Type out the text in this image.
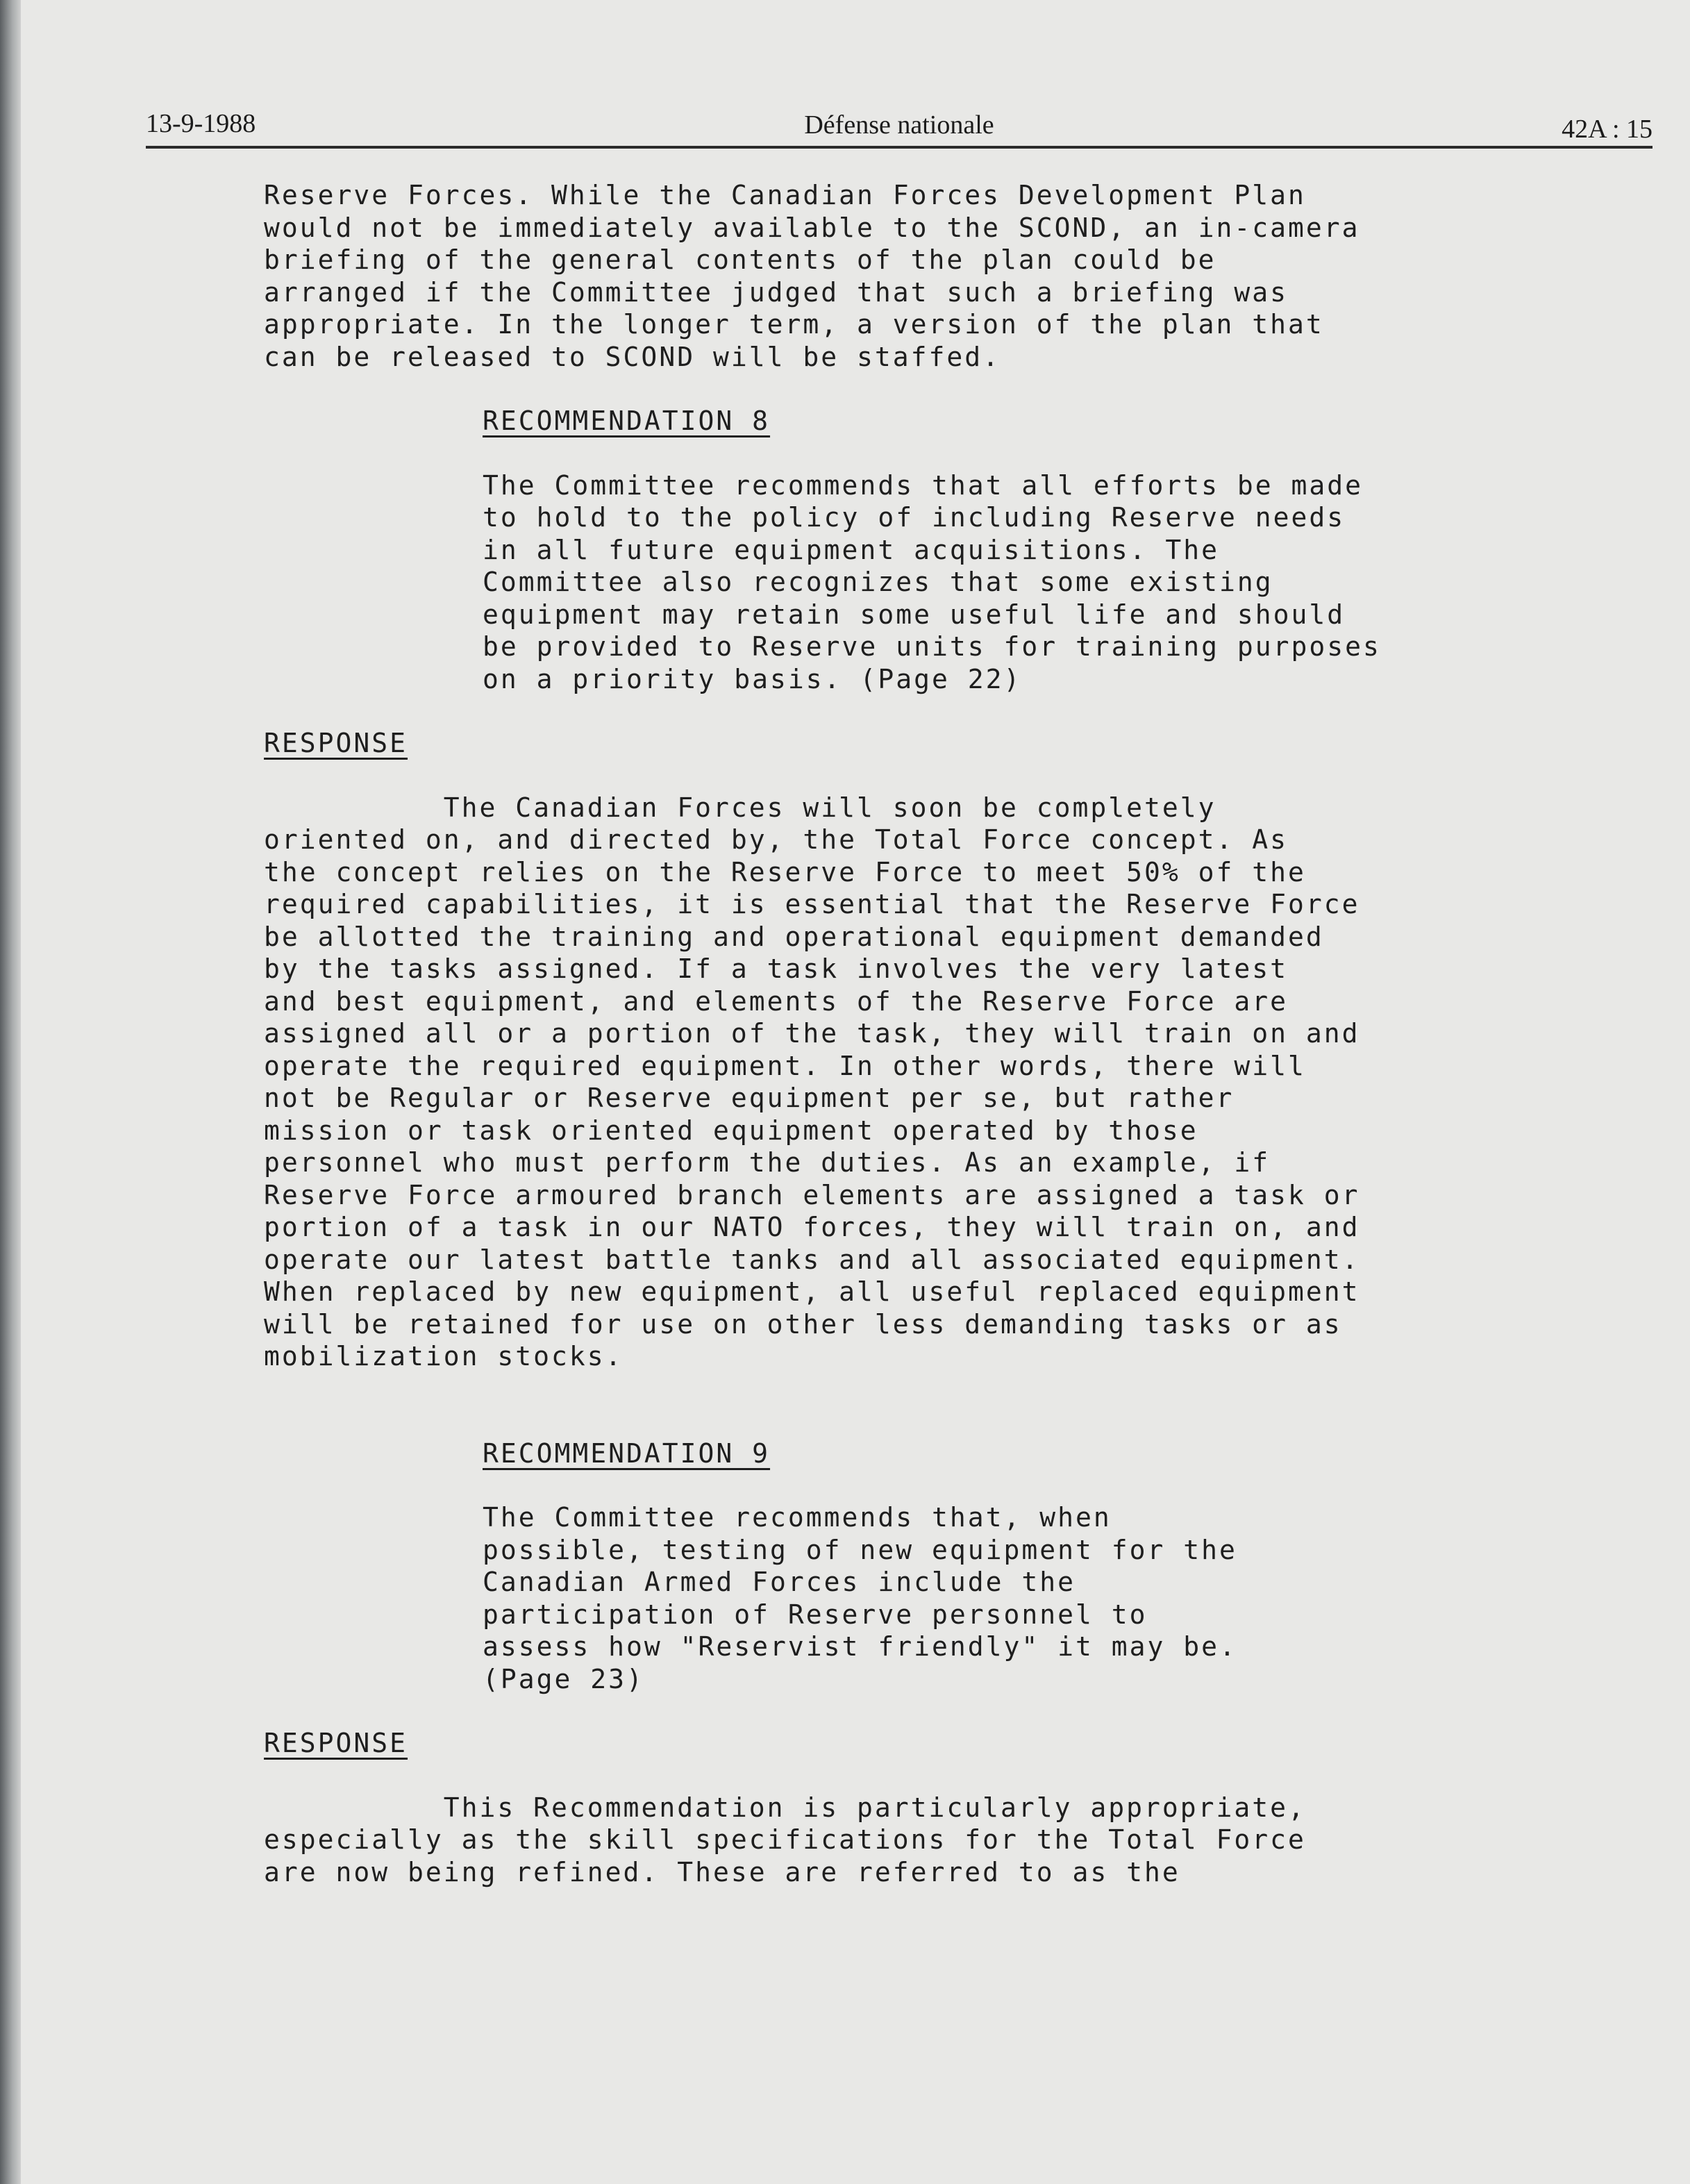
13-9-1988	Défense nationale	42A : 15

Reserve Forces. While the Canadian Forces Development Plan
would not be immediately available to the SCOND, an in-camera
briefing of the general contents of the plan could be
arranged if the Committee judged that such a briefing was
appropriate. In the longer term, a version of the plan that
can be released to SCOND will be staffed.

RECOMMENDATION 8

The Committee recommends that all efforts be made
to hold to the policy of including Reserve needs
in all future equipment acquisitions. The
Committee also recognizes that some existing
equipment may retain some useful life and should
be provided to Reserve units for training purposes
on a priority basis. (Page 22)

RESPONSE

The Canadian Forces will soon be completely
oriented on, and directed by, the Total Force concept. As
the concept relies on the Reserve Force to meet 50% of the
required capabilities, it is essential that the Reserve Force
be allotted the training and operational equipment demanded
by the tasks assigned. If a task involves the very latest
and best equipment, and elements of the Reserve Force are
assigned all or a portion of the task, they will train on and
operate the required equipment. In other words, there will
not be Regular or Reserve equipment per se, but rather
mission or task oriented equipment operated by those
personnel who must perform the duties. As an example, if
Reserve Force armoured branch elements are assigned a task or
portion of a task in our NATO forces, they will train on, and
operate our latest battle tanks and all associated equipment.
When replaced by new equipment, all useful replaced equipment
will be retained for use on other less demanding tasks or as
mobilization stocks.

RECOMMENDATION 9

The Committee recommends that, when
possible, testing of new equipment for the
Canadian Armed Forces include the
participation of Reserve personnel to
assess how "Reservist friendly" it may be.
(Page 23)

RESPONSE

This Recommendation is particularly appropriate,
especially as the skill specifications for the Total Force
are now being refined. These are referred to as the
